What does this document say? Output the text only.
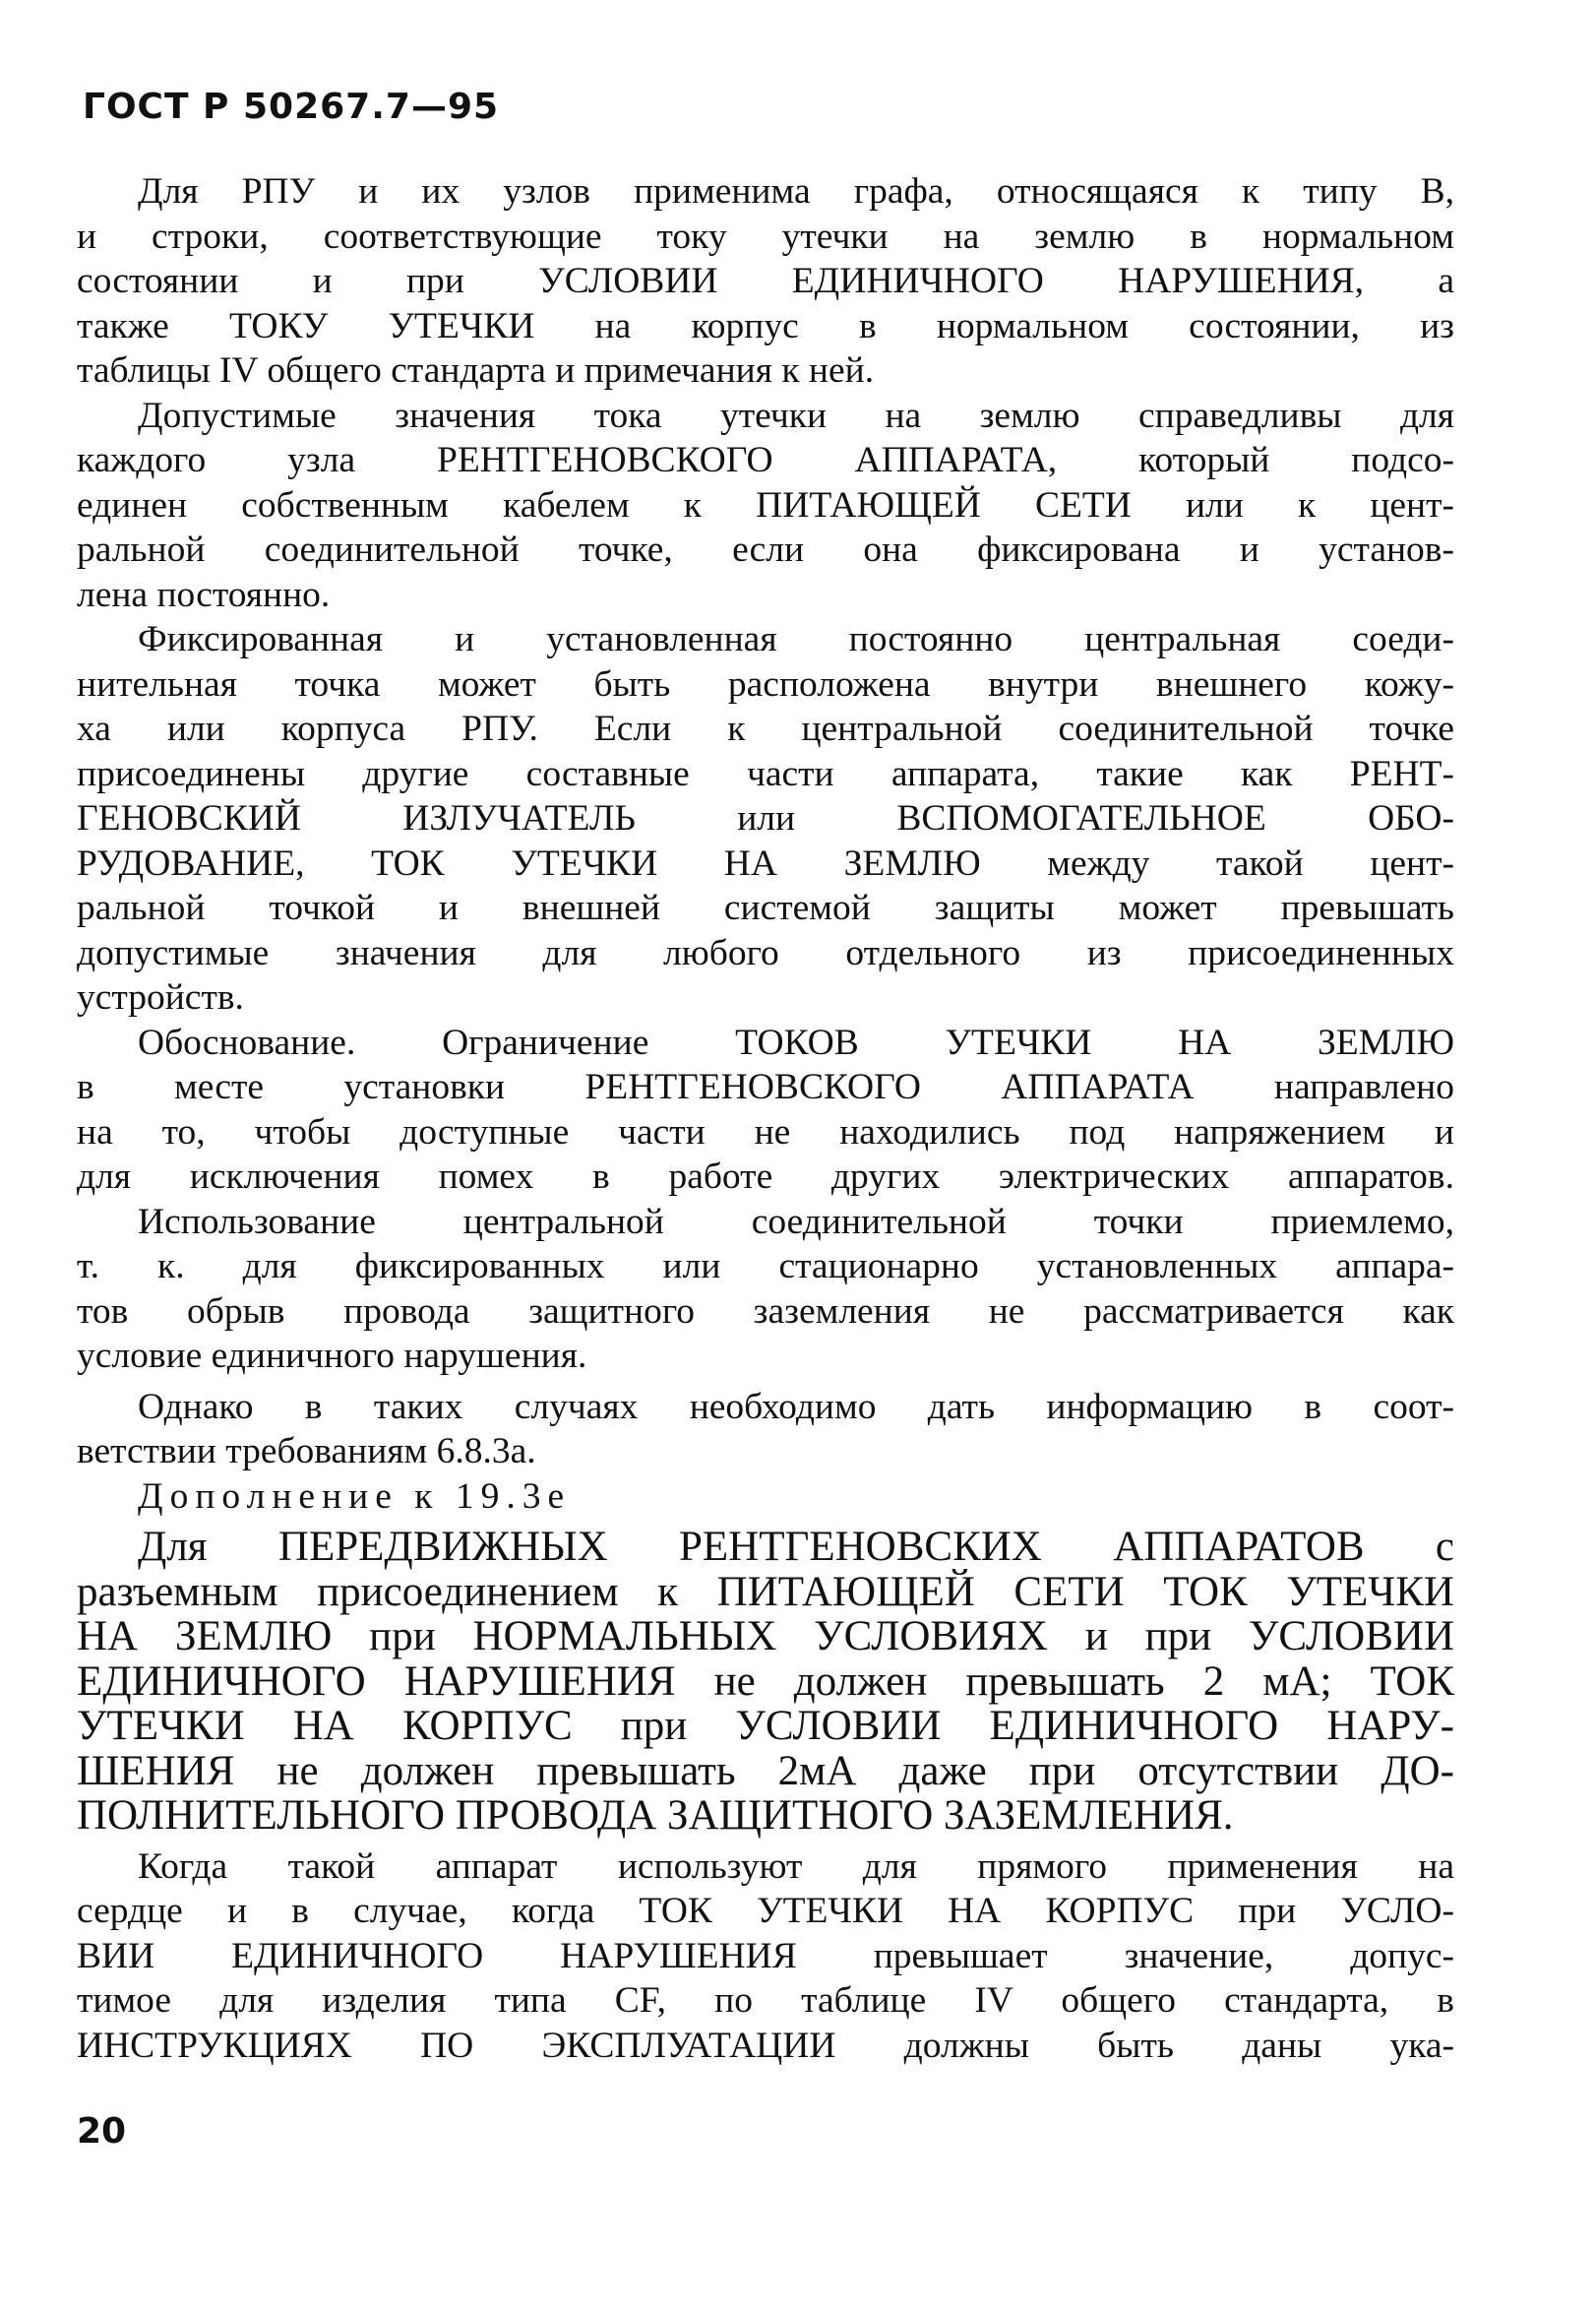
ГОСТ Р 50267.7—95
Для РПУ и их узлов применима графа, относящаяся к типу В,
и строки, соответствующие току утечки на землю в нормальном
состоянии и при УСЛОВИИ ЕДИНИЧНОГО НАРУШЕНИЯ, а
также ТОКУ УТЕЧКИ на корпус в нормальном состоянии, из
таблицы IV общего стандарта и примечания к ней.
Допустимые значения тока утечки на землю справедливы для
каждого узла РЕНТГЕНОВСКОГО АППАРАТА, который подсо-
единен собственным кабелем к ПИТАЮЩЕЙ СЕТИ или к цент-
ральной соединительной точке, если она фиксирована и установ-
лена постоянно.
Фиксированная и установленная постоянно центральная соеди-
нительная точка может быть расположена внутри внешнего кожу-
ха или корпуса РПУ. Если к центральной соединительной точке
присоединены другие составные части аппарата, такие как РЕНТ-
ГЕНОВСКИЙ ИЗЛУЧАТЕЛЬ или ВСПОМОГАТЕЛЬНОЕ ОБО-
РУДОВАНИЕ, ТОК УТЕЧКИ НА ЗЕМЛЮ между такой цент-
ральной точкой и внешней системой защиты может превышать
допустимые значения для любого отдельного из присоединенных
устройств.
Обоснование. Ограничение ТОКОВ УТЕЧКИ НА ЗЕМЛЮ
в месте установки РЕНТГЕНОВСКОГО АППАРАТА направлено
на то, чтобы доступные части не находились под напряжением и
для исключения помех в работе других электрических аппаратов.
Использование центральной соединительной точки приемлемо,
т. к. для фиксированных или стационарно установленных аппара-
тов обрыв провода защитного заземления не рассматривается как
условие единичного нарушения.
Однако в таких случаях необходимо дать информацию в соот-
ветствии требованиям 6.8.3а.
Дополнение к 19.3е
Для ПЕРЕДВИЖНЫХ РЕНТГЕНОВСКИХ АППАРАТОВ с
разъемным присоединением к ПИТАЮЩЕЙ СЕТИ ТОК УТЕЧКИ
НА ЗЕМЛЮ при НОРМАЛЬНЫХ УСЛОВИЯХ и при УСЛОВИИ
ЕДИНИЧНОГО НАРУШЕНИЯ не должен превышать 2 мА; ТОК
УТЕЧКИ НА КОРПУС при УСЛОВИИ ЕДИНИЧНОГО НАРУ-
ШЕНИЯ не должен превышать 2мА даже при отсутствии ДО-
ПОЛНИТЕЛЬНОГО ПРОВОДА ЗАЩИТНОГО ЗАЗЕМЛЕНИЯ.
Когда такой аппарат используют для прямого применения на
сердце и в случае, когда ТОК УТЕЧКИ НА КОРПУС при УСЛО-
ВИИ ЕДИНИЧНОГО НАРУШЕНИЯ превышает значение, допус-
тимое для изделия типа CF, по таблице IV общего стандарта, в
ИНСТРУКЦИЯХ ПО ЭКСПЛУАТАЦИИ должны быть даны ука-
20
